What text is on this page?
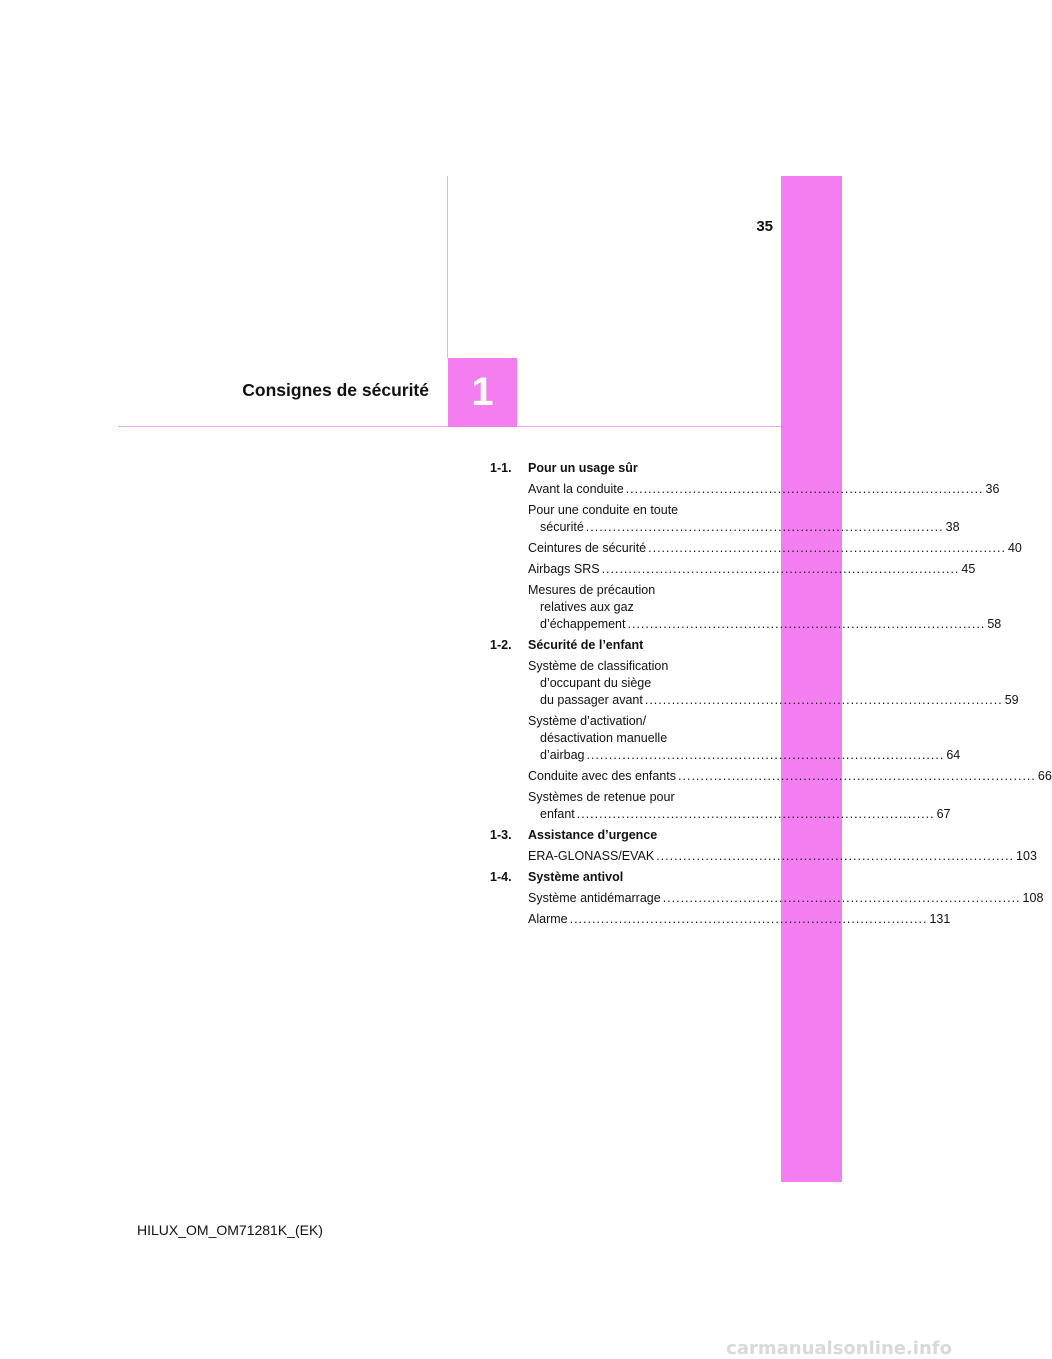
35
Consignes de sécurité	1
1-1.	Pour un usage sûr
Avant la conduite ................................................................................ 36
Pour une conduite en toute
sécurité ................................................................................ 38
Ceintures de sécurité ................................................................................ 40
Airbags SRS ................................................................................ 45
Mesures de précaution
relatives aux gaz
d’échappement ................................................................................ 58
1-2.	Sécurité de l’enfant
Système de classification
d’occupant du siège
du passager avant ................................................................................ 59
Système d’activation/
désactivation manuelle
d’airbag ................................................................................ 64
Conduite avec des enfants ................................................................................ 66
Systèmes de retenue pour
enfant ................................................................................ 67
1-3.	Assistance d’urgence
ERA-GLONASS/EVAK ................................................................................ 103
1-4.	Système antivol
Système antidémarrage ................................................................................ 108
Alarme ................................................................................ 131
HILUX_OM_OM71281K_(EK)
carmanualsonline.info
